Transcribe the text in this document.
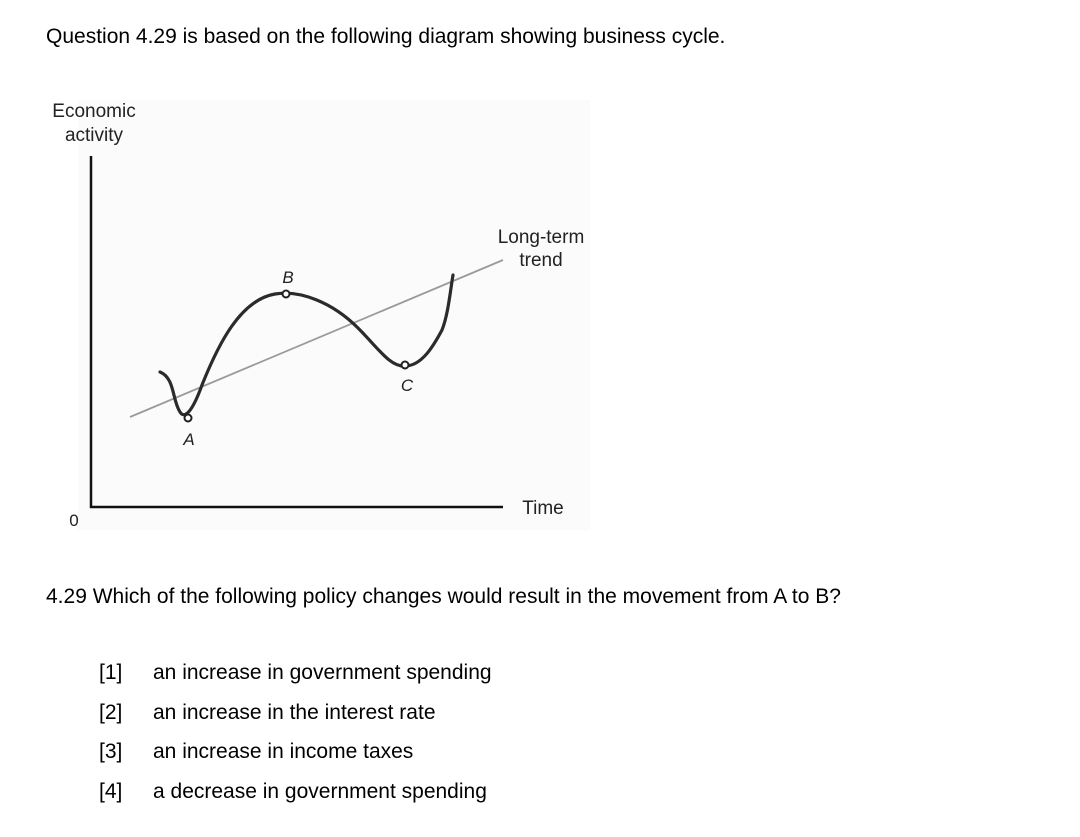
Question 4.29 is based on the following diagram showing business cycle.
Economic
activity
0
Time
Long-term
trend
A
B
C
4.29 Which of the following policy changes would result in the movement from A to B?
[1] an increase in government spending
[2] an increase in the interest rate
[3] an increase in income taxes
[4] a decrease in government spending
